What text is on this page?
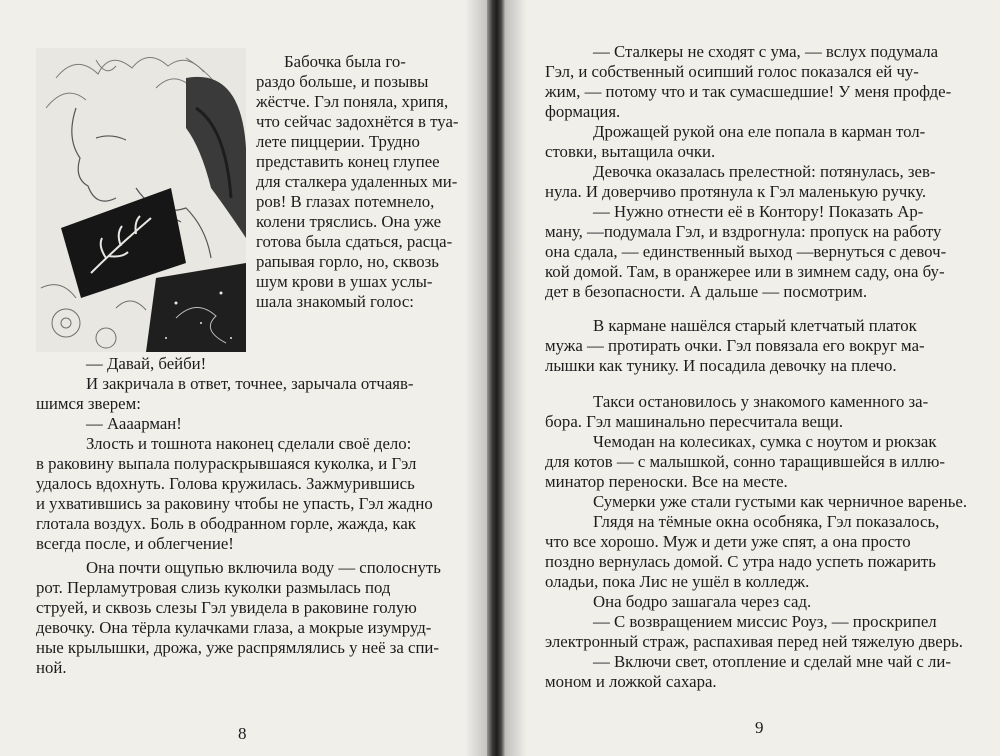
Бабочка была го-
раздо больше, и позывы
жёстче. Гэл поняла, хрипя,
что сейчас задохнётся в туа-
лете пиццерии. Трудно
представить конец глупее
для сталкера удаленных ми-
ров! В глазах потемнело,
колени тряслись. Она уже
готова была сдаться, расца-
рапывая горло, но, сквозь
шум крови в ушах услы-
шала знакомый голос:
— Давай, бейби!
И закричала в ответ, точнее, зарычала отчаяв-
шимся зверем:
— Аааарман!
Злость и тошнота наконец сделали своё дело:
в раковину выпала полураскрывшаяся куколка, и Гэл
удалось вдохнуть. Голова кружилась. Зажмурившись
и ухватившись за раковину чтобы не упасть, Гэл жадно
глотала воздух. Боль в ободранном горле, жажда, как
всегда после, и облегчение!
Она почти ощупью включила воду — сполоснуть
рот. Перламутровая слизь куколки размылась под
струей, и сквозь слезы Гэл увидела в раковине голую
девочку. Она тёрла кулачками глаза, а мокрые изумруд-
ные крылышки, дрожа, уже распрямлялись у неё за спи-
ной.
8
— Сталкеры не сходят с ума, — вслух подумала
Гэл, и собственный осипший голос показался ей чу-
жим, — потому что и так сумасшедшие! У меня профде-
формация.
Дрожащей рукой она еле попала в карман тол-
стовки, вытащила очки.
Девочка оказалась прелестной: потянулась, зев-
нула. И доверчиво протянула к Гэл маленькую ручку.
— Нужно отнести её в Контору! Показать Ар-
ману, —подумала Гэл, и вздрогнула: пропуск на работу
она сдала, — единственный выход —вернуться с девоч-
кой домой. Там, в оранжерее или в зимнем саду, она бу-
дет в безопасности. А дальше — посмотрим.
В кармане нашёлся старый клетчатый платок
мужа — протирать очки. Гэл повязала его вокруг ма-
лышки как тунику. И посадила девочку на плечо.
Такси остановилось у знакомого каменного за-
бора. Гэл машинально пересчитала вещи.
Чемодан на колесиках, сумка с ноутом и рюкзак
для котов — с малышкой, сонно таращившейся в иллю-
минатор переноски. Все на месте.
Сумерки уже стали густыми как черничное варенье.
Глядя на тёмные окна особняка, Гэл показалось,
что все хорошо. Муж и дети уже спят, а она просто
поздно вернулась домой. С утра надо успеть пожарить
оладьи, пока Лис не ушёл в колледж.
Она бодро зашагала через сад.
— С возвращением миссис Роуз, — проскрипел
электронный страж, распахивая перед ней тяжелую дверь.
— Включи свет, отопление и сделай мне чай с ли-
моном и ложкой сахара.
9
